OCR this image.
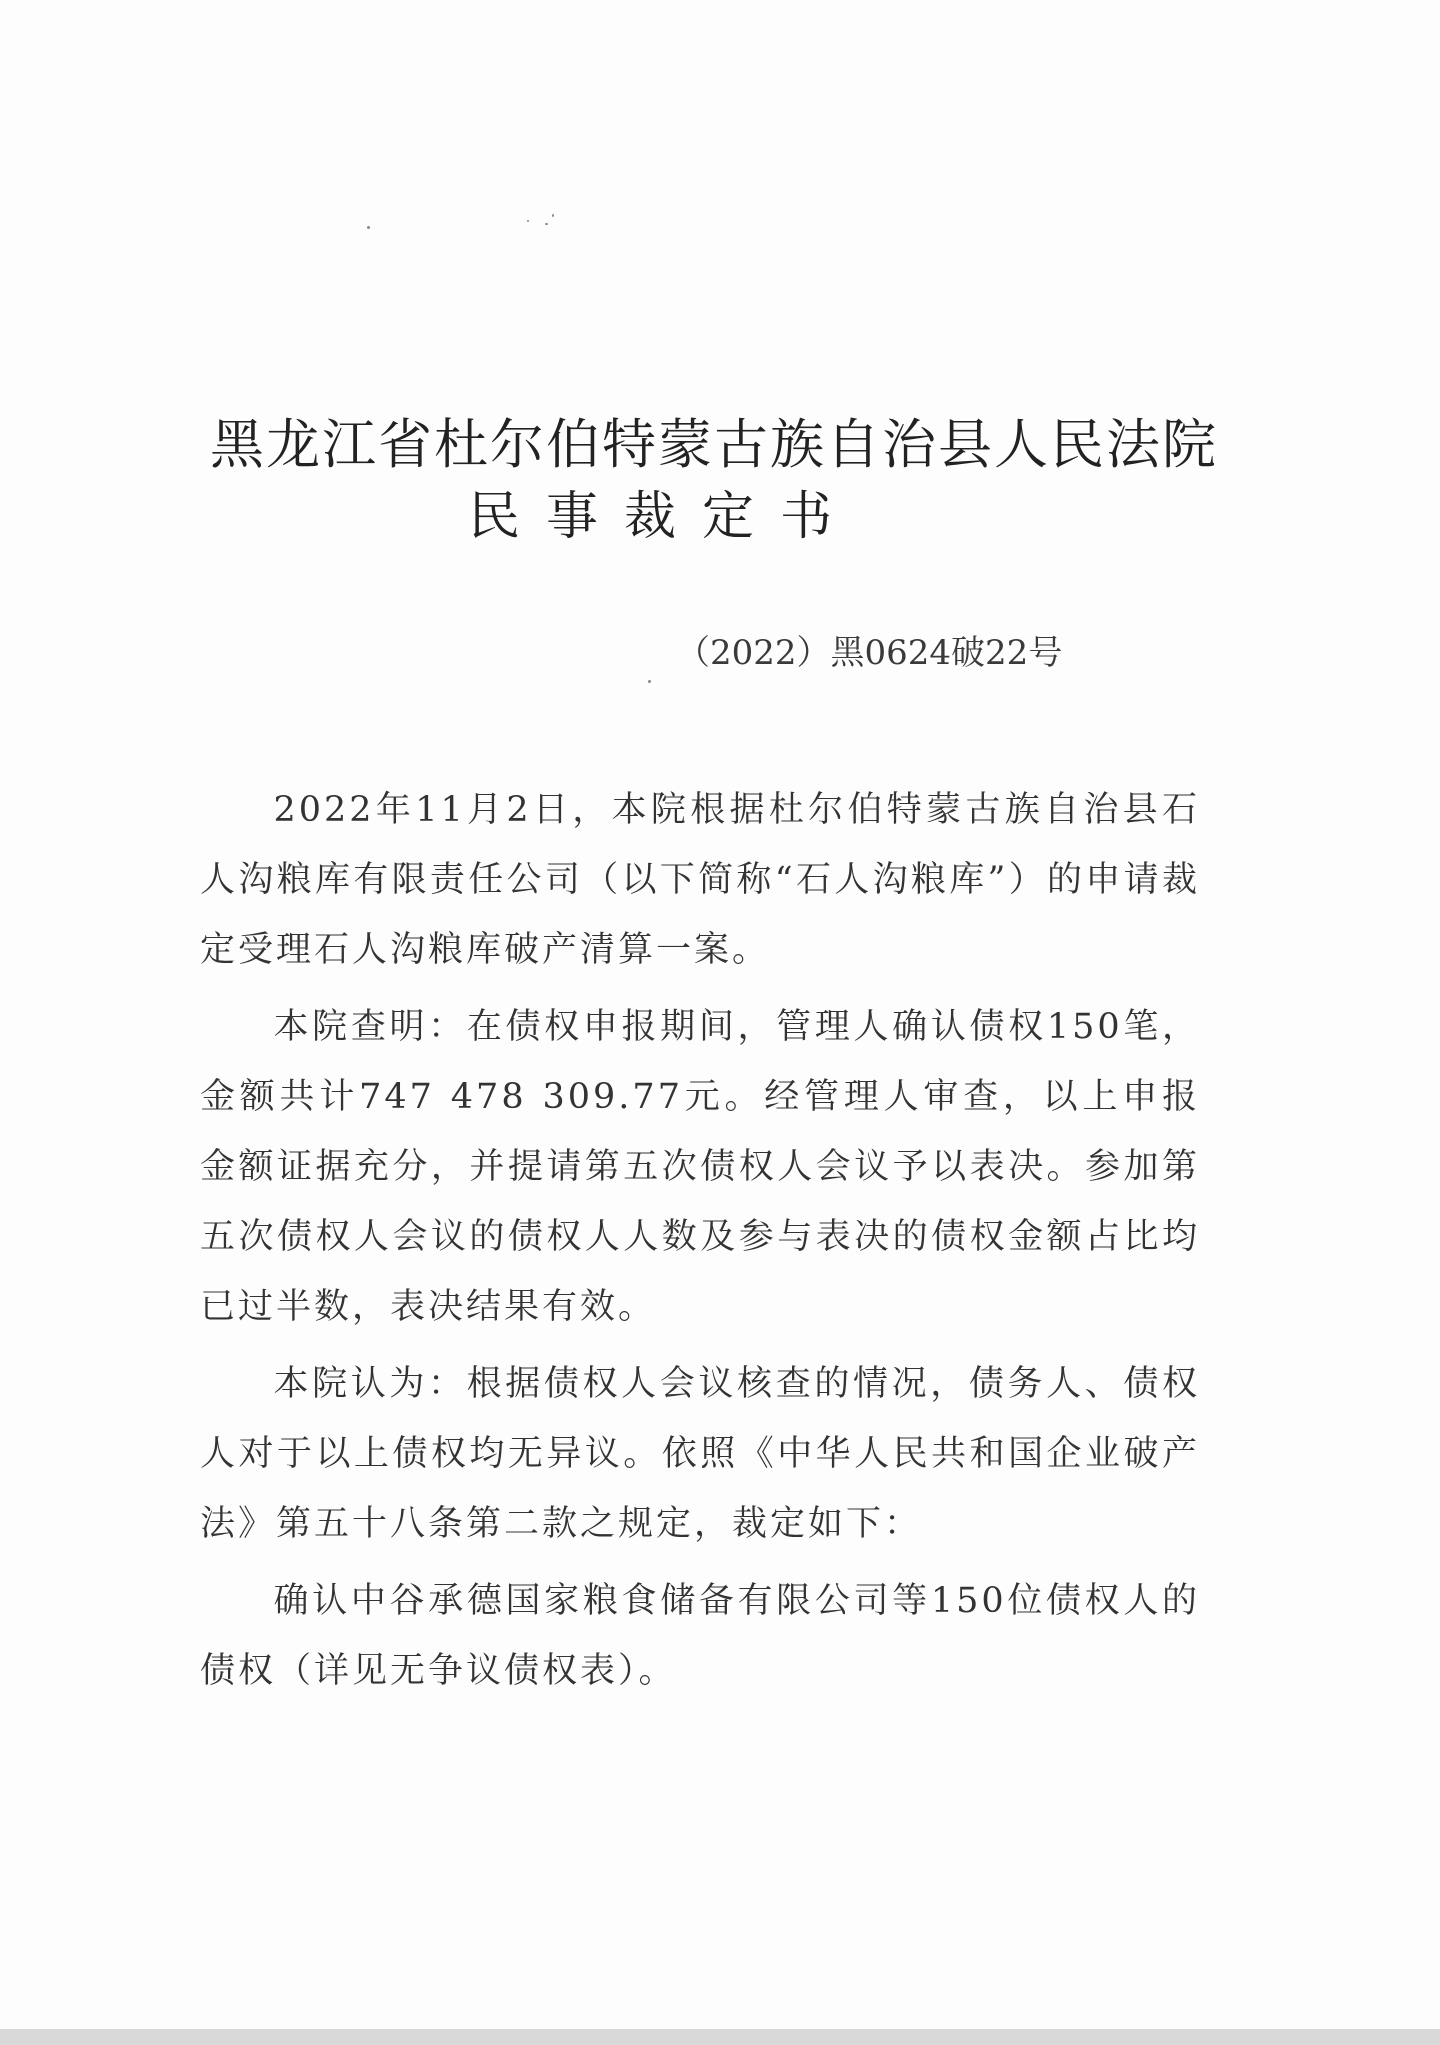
黑龙江省杜尔伯特蒙古族自治县人民法院
民事裁定书
（2022）黑0624破22号

2022年11月2日，本院根据杜尔伯特蒙古族自治县石人沟粮库有限责任公司（以下简称“石人沟粮库”）的申请裁定受理石人沟粮库破产清算一案。

本院查明：在债权申报期间，管理人确认债权150笔，金额共计747 478 309.77元。经管理人审查，以上申报金额证据充分，并提请第五次债权人会议予以表决。参加第五次债权人会议的债权人人数及参与表决的债权金额占比均已过半数，表决结果有效。

本院认为：根据债权人会议核查的情况，债务人、债权人对于以上债权均无异议。依照《中华人民共和国企业破产法》第五十八条第二款之规定，裁定如下：

确认中谷承德国家粮食储备有限公司等150位债权人的债权（详见无争议债权表）。
